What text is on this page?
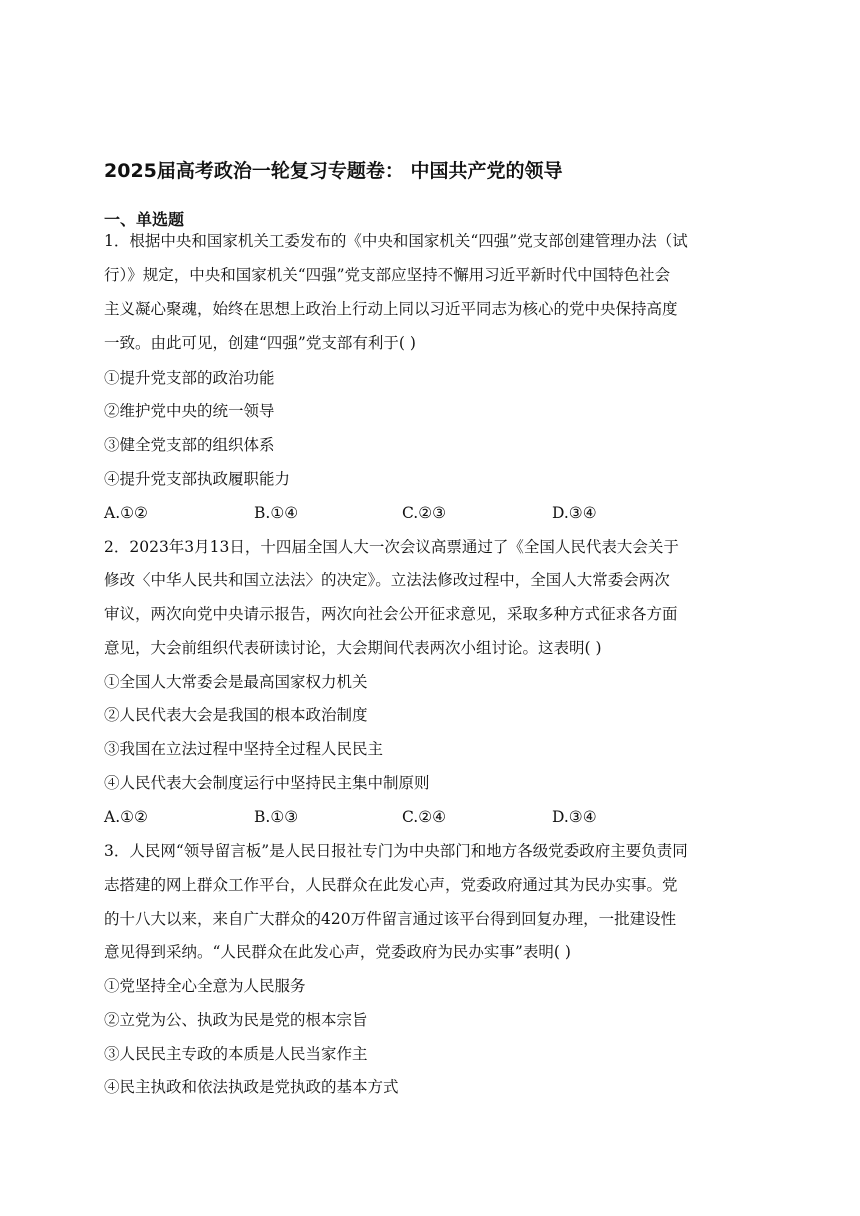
2025届高考政治一轮复习专题卷： 中国共产党的领导
一、单选题
1．根据中央和国家机关工委发布的《中央和国家机关“四强”党支部创建管理办法（试
行）》规定，中央和国家机关“四强”党支部应坚持不懈用习近平新时代中国特色社会
主义凝心聚魂，始终在思想上政治上行动上同以习近平同志为核心的党中央保持高度
一致。由此可见，创建“四强”党支部有利于( )
①提升党支部的政治功能
②维护党中央的统一领导
③健全党支部的组织体系
④提升党支部执政履职能力
A.①②	B.①④	C.②③	D.③④
2．2023年3月13日，十四届全国人大一次会议高票通过了《全国人民代表大会关于
修改〈中华人民共和国立法法〉的决定》。立法法修改过程中，全国人大常委会两次
审议，两次向党中央请示报告，两次向社会公开征求意见，采取多种方式征求各方面
意见，大会前组织代表研读讨论，大会期间代表两次小组讨论。这表明( )
①全国人大常委会是最高国家权力机关
②人民代表大会是我国的根本政治制度
③我国在立法过程中坚持全过程人民民主
④人民代表大会制度运行中坚持民主集中制原则
A.①②	B.①③	C.②④	D.③④
3．人民网“领导留言板”是人民日报社专门为中央部门和地方各级党委政府主要负责同
志搭建的网上群众工作平台，人民群众在此发心声，党委政府通过其为民办实事。党
的十八大以来，来自广大群众的420万件留言通过该平台得到回复办理，一批建设性
意见得到采纳。“人民群众在此发心声，党委政府为民办实事”表明( )
①党坚持全心全意为人民服务
②立党为公、执政为民是党的根本宗旨
③人民民主专政的本质是人民当家作主
④民主执政和依法执政是党执政的基本方式
